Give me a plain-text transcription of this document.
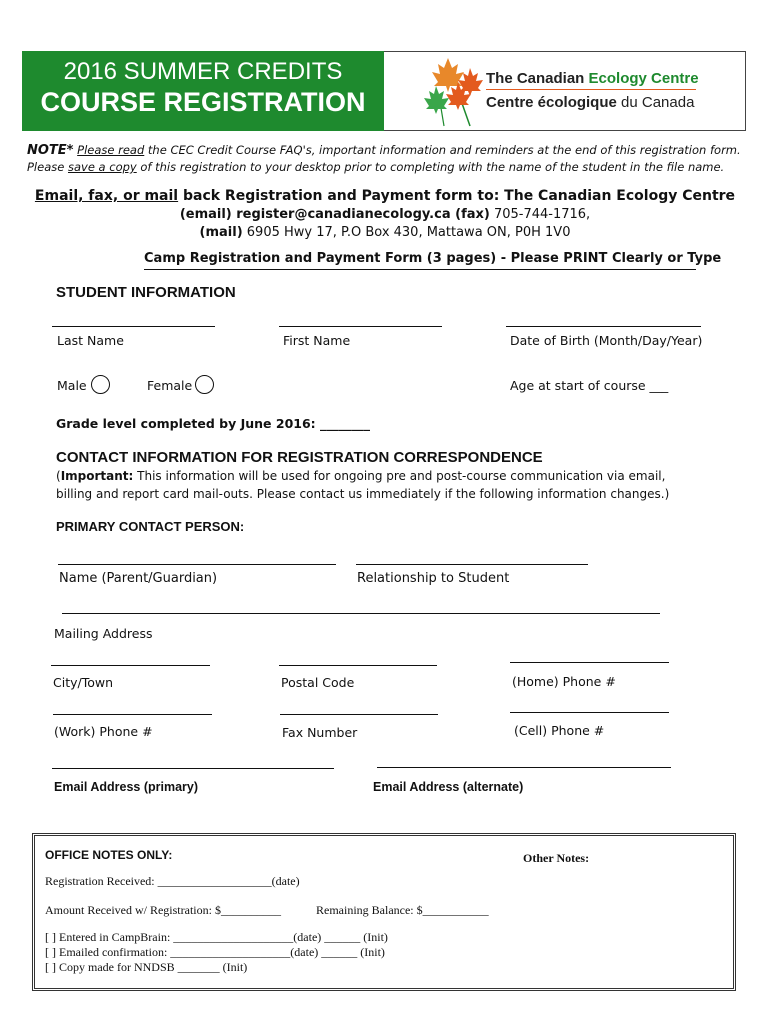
2016 SUMMER CREDITS
COURSE REGISTRATION
The Canadian Ecology Centre
Centre écologique du Canada
NOTE* Please read the CEC Credit Course FAQ's, important information and reminders at the end of this registration form.
Please save a copy of this registration to your desktop prior to completing with the name of the student in the file name.
Email, fax, or mail back Registration and Payment form to: The Canadian Ecology Centre
(email) register@canadianecology.ca (fax) 705-744-1716,
(mail) 6905 Hwy 17, P.O Box 430, Mattawa ON, P0H 1V0
Camp Registration and Payment Form (3 pages) - Please PRINT Clearly or Type
STUDENT INFORMATION
Last Name	First Name	Date of Birth (Month/Day/Year)
Male	Female	Age at start of course ___
Grade level completed by June 2016: ________
CONTACT INFORMATION FOR REGISTRATION CORRESPONDENCE
(Important: This information will be used for ongoing pre and post-course communication via email,
billing and report card mail-outs. Please contact us immediately if the following information changes.)
PRIMARY CONTACT PERSON:
Name (Parent/Guardian)	Relationship to Student
Mailing Address
City/Town	Postal Code	(Home) Phone #
(Work) Phone #	Fax Number	(Cell) Phone #
Email Address (primary)	Email Address (alternate)
OFFICE NOTES ONLY:	Other Notes:
Registration Received: ___________________(date)
Amount Received w/ Registration: $__________	Remaining Balance: $___________
[ ] Entered in CampBrain: ____________________(date) ______ (Init)
[ ] Emailed confirmation: ____________________(date) ______ (Init)
[ ] Copy made for NNDSB _______ (Init)
